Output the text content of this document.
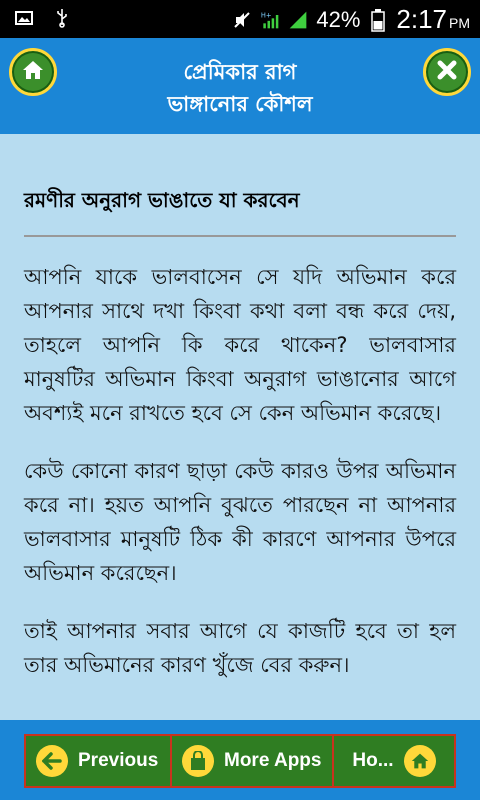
H+ 42% 2:17 PM
প্রেমিকার রাগ
ভাঙ্গানোর কৌশল
রমণীর অনুরাগ ভাঙাতে যা করবেন

আপনি যাকে ভালবাসেন সে যদি অভিমান করে আপনার সাথে দখা কিংবা কথা বলা বন্ধ করে দেয়, তাহলে আপনি কি করে থাকেন? ভালবাসার মানুষটির অভিমান কিংবা অনুরাগ ভাঙানোর আগে অবশ্যই মনে রাখতে হবে সে কেন অভিমান করেছে।

কেউ কোনো কারণ ছাড়া কেউ কারও উপর অভিমান করে না। হয়ত আপনি বুঝতে পারছেন না আপনার ভালবাসার মানুষটি ঠিক কী কারণে আপনার উপরে অভিমান করেছেন।

তাই আপনার সবার আগে যে কাজটি হবে তা হল তার অভিমানের কারণ খুঁজে বের করুন।

Previous	More Apps Ho...
